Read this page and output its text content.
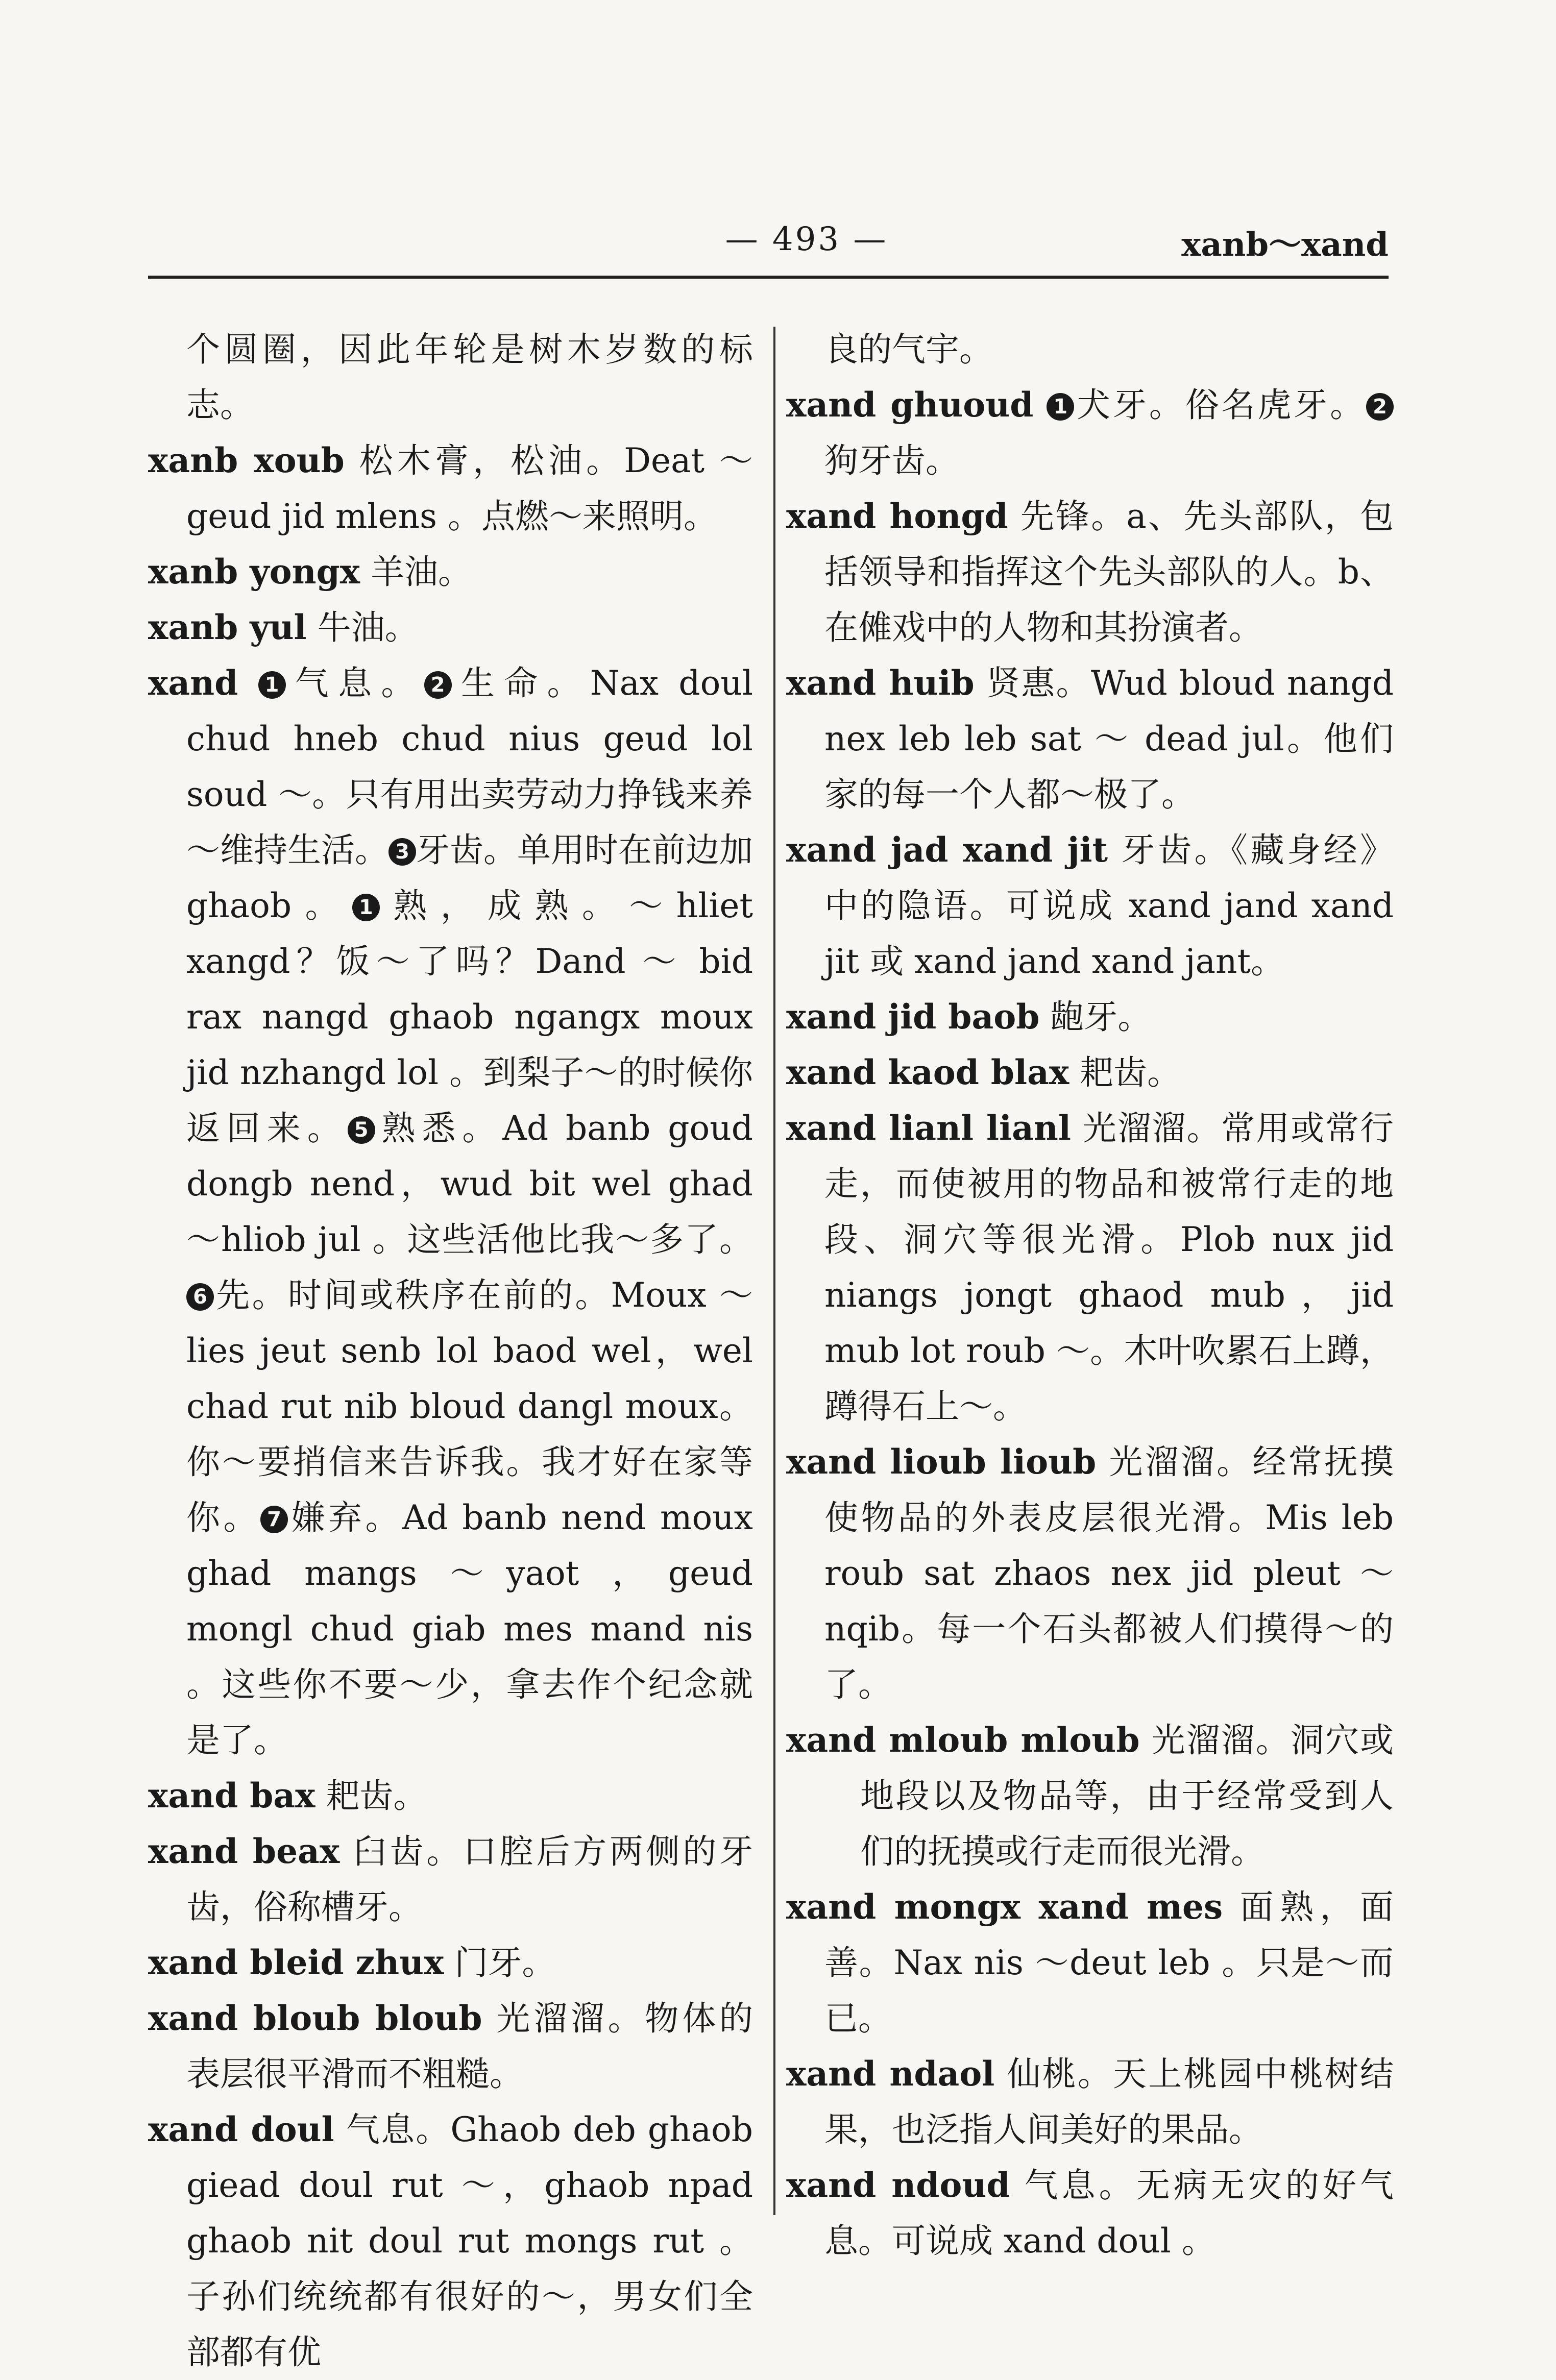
— 493 —	xanb～xand

个圆圈，因此年轮是树木岁数的标志。

xanb xoub 松木膏，松油。Deat ～geud jid mlens 。点燃～来照明。

xanb yongx 羊油。

xanb yul 牛油。

xand 1 气息。 2 生命。Nax doul chud hneb chud nius geud lol soud ～。只有用出卖劳动力挣钱来养～维持生活。 3 牙齿。单用时在前边加 ghaob。 1 熟，成熟。～hliet xangd？饭～了吗？Dand ～ bid rax nangd ghaob ngangx moux jid nzhangd lol 。到梨子～的时候你返回来。 5 熟悉。Ad banb goud dongb nend，wud bit wel ghad ～hliob jul 。这些活他比我～多了。6 先。时间或秩序在前的。Moux ～lies jeut senb lol baod wel，wel chad rut nib bloud dangl moux。你～要捎信来告诉我。我才好在家等你。 7 嫌弃。Ad banb nend moux ghad mangs ～yaot ，geud mongl chud giab mes mand nis 。这些你不要～少，拿去作个纪念就是了。

xand bax 耙齿。

xand beax 臼齿。口腔后方两侧的牙齿，俗称槽牙。

xand bleid zhux 门牙。

xand bloub bloub 光溜溜。物体的表层很平滑而不粗糙。

xand doul 气息。Ghaob deb ghaob giead doul rut ～，ghaob npad ghaob nit doul rut mongs rut 。子孙们统统都有很好的～，男女们全部都有优

良的气宇。

xand ghuoud 1 犬牙。俗名虎牙。 2狗牙齿。

xand hongd 先锋。a、先头部队，包括领导和指挥这个先头部队的人。b、在傩戏中的人物和其扮演者。

xand huib 贤惠。Wud bloud nangd nex leb leb sat ～ dead jul。他们家的每一个人都～极了。

xand jad xand jit 牙齿。《藏身经》中的隐语。可说成 xand jand xand jit 或 xand jand xand jant。

xand jid baob 龅牙。

xand kaod blax 耙齿。

xand lianl lianl 光溜溜。常用或常行走，而使被用的物品和被常行走的地段、洞穴等很光滑。Plob nux jid niangs jongt ghaod mub，jid mub lot roub ～。木叶吹累石上蹲，蹲得石上～。

xand lioub lioub 光溜溜。经常抚摸使物品的外表皮层很光滑。Mis leb roub sat zhaos nex jid pleut ～ nqib。每一个石头都被人们摸得～的了。

xand mloub mloub 光溜溜。洞穴或地段以及物品等，由于经常受到人们的抚摸或行走而很光滑。

xand mongx xand mes 面熟，面善。Nax nis ～deut leb 。只是～而已。

xand ndaol 仙桃。天上桃园中桃树结果，也泛指人间美好的果品。

xand ndoud 气息。无病无灾的好气息。可说成 xand doul 。
